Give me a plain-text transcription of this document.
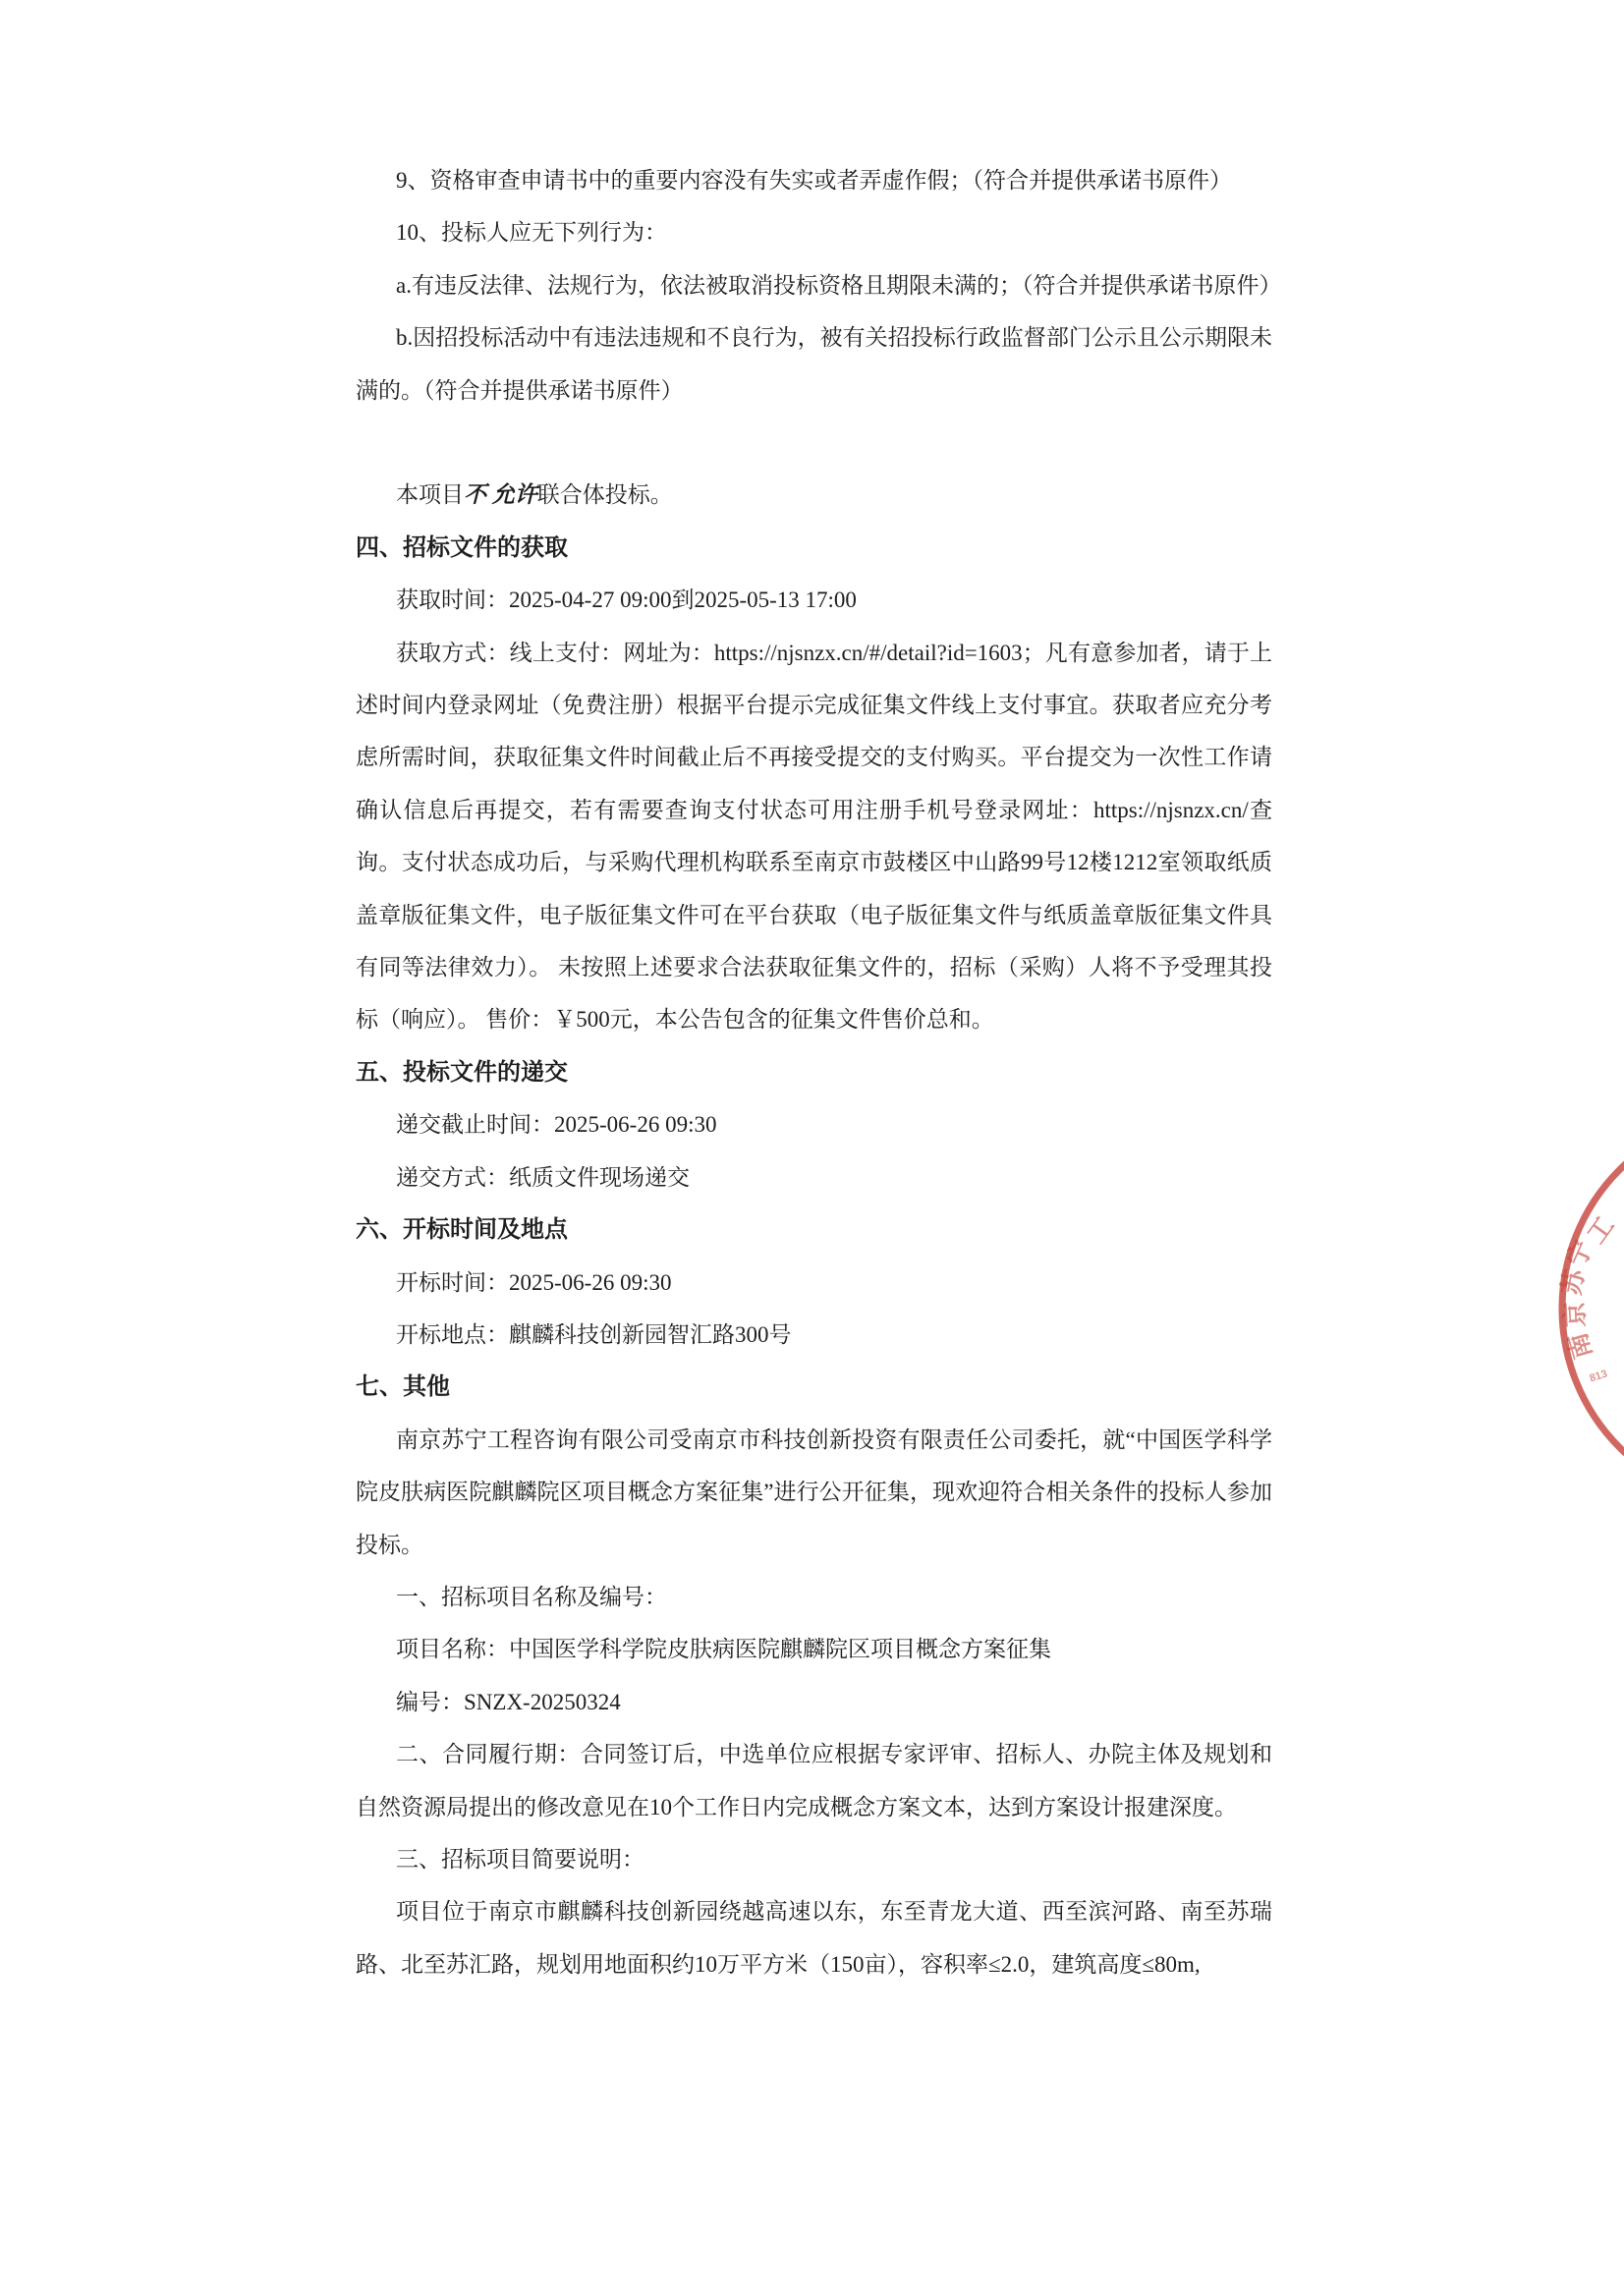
9、资格审查申请书中的重要内容没有失实或者弄虚作假；（符合并提供承诺书原件）

10、投标人应无下列行为：

a.有违反法律、法规行为，依法被取消投标资格且期限未满的；（符合并提供承诺书原件）

b.因招投标活动中有违法违规和不良行为，被有关招投标行政监督部门公示且公示期限未满的。（符合并提供承诺书原件）

本项目不 允许联合体投标。

四、招标文件的获取

获取时间：2025-04-27 09:00到2025-05-13 17:00

获取方式：线上支付：网址为：https://njsnzx.cn/#/detail?id=1603；凡有意参加者，请于上述时间内登录网址（免费注册）根据平台提示完成征集文件线上支付事宜。获取者应充分考虑所需时间，获取征集文件时间截止后不再接受提交的支付购买。平台提交为一次性工作请确认信息后再提交，若有需要查询支付状态可用注册手机号登录网址：https://njsnzx.cn/查询。支付状态成功后，与采购代理机构联系至南京市鼓楼区中山路99号12楼1212室领取纸质盖章版征集文件，电子版征集文件可在平台获取（电子版征集文件与纸质盖章版征集文件具有同等法律效力）。 未按照上述要求合法获取征集文件的，招标（采购）人将不予受理其投标（响应）。 售价：￥500元，本公告包含的征集文件售价总和。

五、投标文件的递交

递交截止时间：2025-06-26 09:30

递交方式：纸质文件现场递交

六、开标时间及地点

开标时间：2025-06-26 09:30

开标地点：麒麟科技创新园智汇路300号

七、其他

南京苏宁工程咨询有限公司受南京市科技创新投资有限责任公司委托，就“中国医学科学院皮肤病医院麒麟院区项目概念方案征集”进行公开征集，现欢迎符合相关条件的投标人参加投标。

一、招标项目名称及编号：

项目名称：中国医学科学院皮肤病医院麒麟院区项目概念方案征集

编号：SNZX-20250324

二、合同履行期：合同签订后，中选单位应根据专家评审、招标人、办院主体及规划和自然资源局提出的修改意见在10个工作日内完成概念方案文本，达到方案设计报建深度。

三、招标项目简要说明：

项目位于南京市麒麟科技创新园绕越高速以东，东至青龙大道、西至滨河路、南至苏瑞路、北至苏汇路，规划用地面积约10万平方米（150亩），容积率≤2.0，建筑高度≤80m,

工
宁
苏
京
南
813
